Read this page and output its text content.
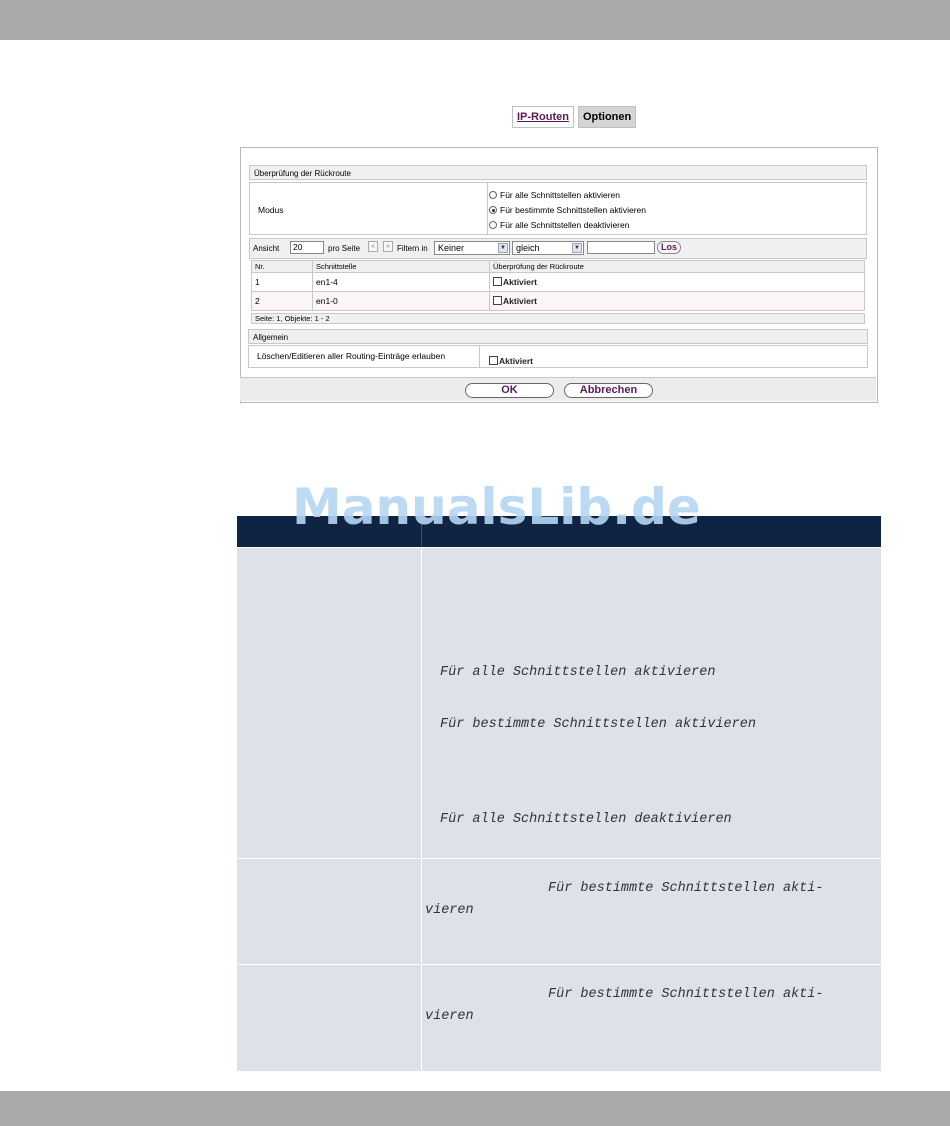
IP-Routen	Optionen
Überprüfung der Rückroute
Modus
Für alle Schnittstellen aktivieren
Für bestimmte Schnittstellen aktivieren
Für alle Schnittstellen deaktivieren
Ansicht	20	pro Seite	«	» Filtern in	Keiner	▼	gleich	▼	Los
Nr.	Schnittstelle	Überprüfung der Rückroute
1	en1-4	Aktiviert
2	en1-0	Aktiviert
Seite: 1, Objekte: 1 - 2
Allgemein
Löschen/Editieren aller Routing-Einträge erlauben	Aktiviert
OK	Abbrechen
ManualsLib.de
Für alle Schnittstellen aktivieren
Für bestimmte Schnittstellen aktivieren
Für alle Schnittstellen deaktivieren
Für bestimmte Schnittstellen akti-
vieren
Für bestimmte Schnittstellen akti-
vieren
